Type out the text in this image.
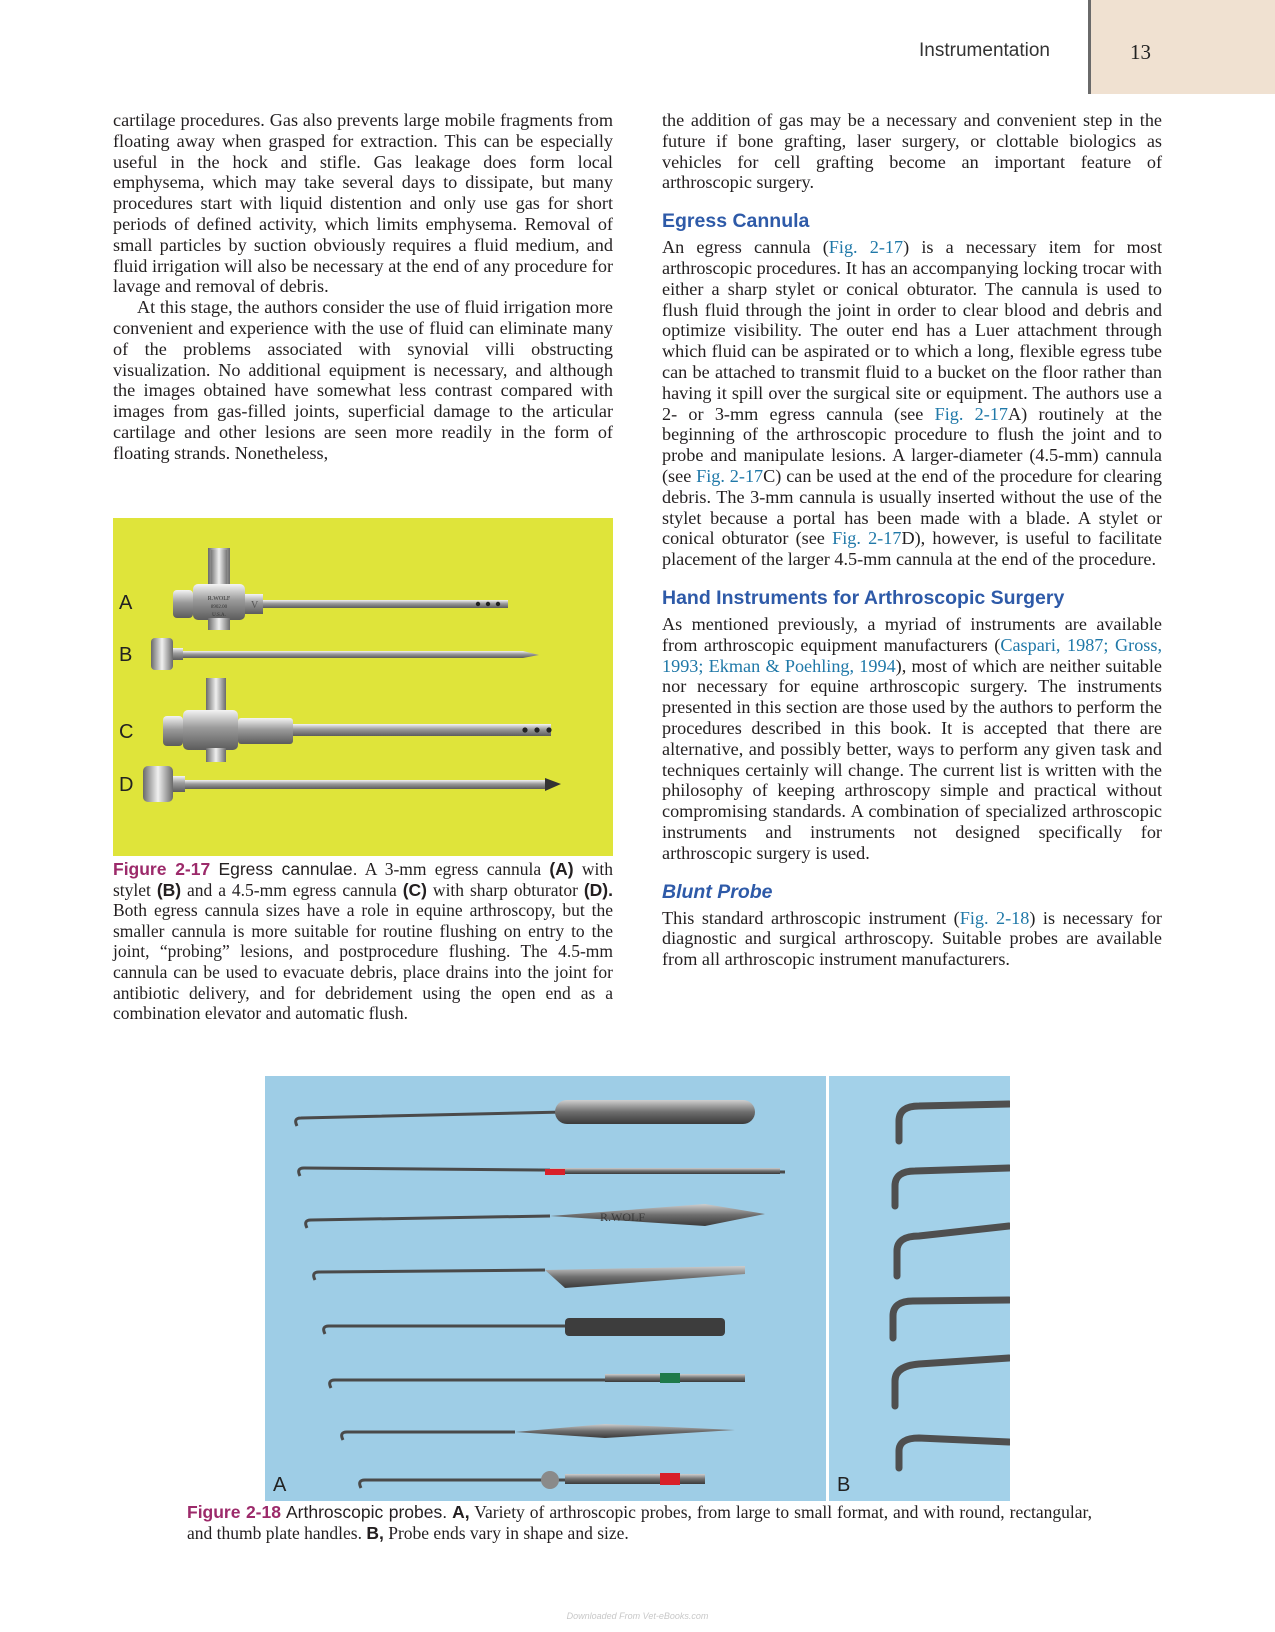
Instrumentation	13

cartilage procedures. Gas also prevents large mobile fragments from floating away when grasped for extraction. This can be especially useful in the hock and stifle. Gas leakage does form local emphysema, which may take several days to dissipate, but many procedures start with liquid distention and only use gas for short periods of defined activity, which limits emphysema. Removal of small particles by suction obviously requires a fluid medium, and fluid irrigation will also be necessary at the end of any procedure for lavage and removal of debris.

At this stage, the authors consider the use of fluid irrigation more convenient and experience with the use of fluid can eliminate many of the problems associated with synovial villi obstructing visualization. No additional equipment is necessary, and although the images obtained have somewhat less contrast compared with images from gas-filled joints, superficial damage to the articular cartilage and other lesions are seen more readily in the form of floating strands. Nonetheless,

R.WOLF
8902.00
U.S.A.
V
A
B
C
D
Figure 2-17 Egress cannulae. A 3-mm egress cannula (A) with stylet (B) and a 4.5-mm egress cannula (C) with sharp obturator (D). Both egress cannula sizes have a role in equine arthroscopy, but the smaller cannula is more suitable for routine flushing on entry to the joint, “probing” lesions, and postprocedure flushing. The 4.5-mm cannula can be used to evacuate debris, place drains into the joint for antibiotic delivery, and for debridement using the open end as a combination elevator and automatic flush.

the addition of gas may be a necessary and convenient step in the future if bone grafting, laser surgery, or clottable biologics as vehicles for cell grafting become an important feature of arthroscopic surgery.

Egress Cannula

An egress cannula (Fig. 2-17) is a necessary item for most arthroscopic procedures. It has an accompanying locking trocar with either a sharp stylet or conical obturator. The cannula is used to flush fluid through the joint in order to clear blood and debris and optimize visibility. The outer end has a Luer attachment through which fluid can be aspirated or to which a long, flexible egress tube can be attached to transmit fluid to a bucket on the floor rather than having it spill over the surgical site or equipment. The authors use a 2- or 3-mm egress cannula (see Fig. 2-17A) routinely at the beginning of the arthroscopic procedure to flush the joint and to probe and manipulate lesions. A larger-diameter (4.5-mm) cannula (see Fig. 2-17C) can be used at the end of the procedure for clearing debris. The 3-mm cannula is usually inserted without the use of the stylet because a portal has been made with a blade. A stylet or conical obturator (see Fig. 2-17D), however, is useful to facilitate placement of the larger 4.5-mm cannula at the end of the procedure.

Hand Instruments for Arthroscopic Surgery

As mentioned previously, a myriad of instruments are available from arthroscopic equipment manufacturers (Caspari, 1987; Gross, 1993; Ekman & Poehling, 1994), most of which are neither suitable nor necessary for equine arthroscopic surgery. The instruments presented in this section are those used by the authors to perform the procedures described in this book. It is accepted that there are alternative, and possibly better, ways to perform any given task and techniques certainly will change. The current list is written with the philosophy of keeping arthroscopy simple and practical without compromising standards. A combination of specialized arthroscopic instruments and instruments not designed specifically for arthroscopic surgery is used.

Blunt Probe

This standard arthroscopic instrument (Fig. 2-18) is necessary for diagnostic and surgical arthroscopy. Suitable probes are available from all arthroscopic instrument manufacturers.

R.WOLF
A	B
Figure 2-18 Arthroscopic probes. A, Variety of arthroscopic probes, from large to small format, and with round, rectangular, and thumb plate handles. B, Probe ends vary in shape and size.
Downloaded From Vet-eBooks.com
